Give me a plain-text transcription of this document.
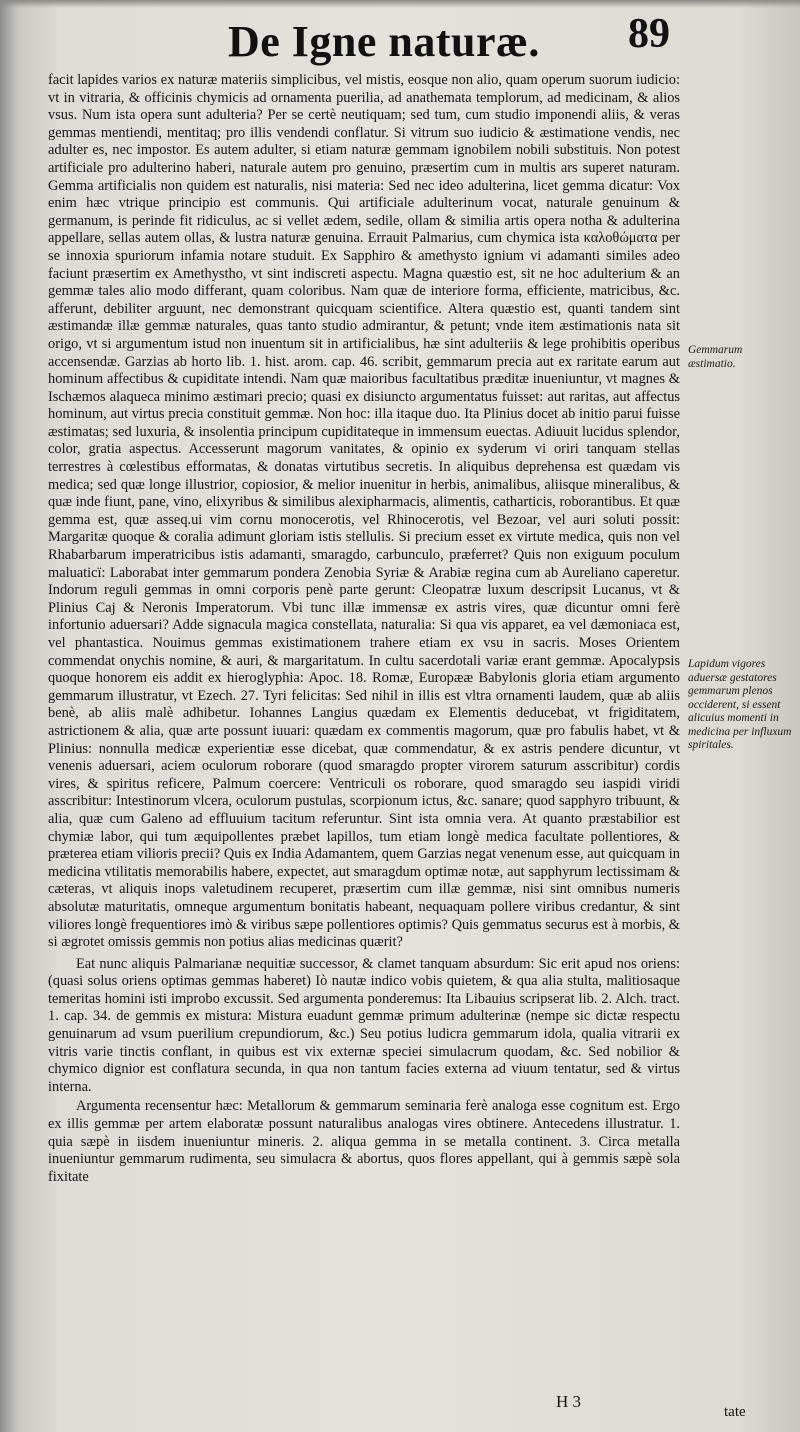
De Igne naturæ. 89

facit lapides varios ex naturæ materiis simplicibus, vel mistis, eosque non alio, quam operum suorum iudicio: vt in vitraria, & officinis chymicis ad ornamenta puerilia, ad anathemata templorum, ad medicinam, & alios vsus. Num ista opera sunt adulteria? Per se certè neutiquam; sed tum, cum studio imponendi aliis, & veras gemmas mentiendi, mentitaq; pro illis vendendi conflatur. Si vitrum suo iudicio & æstimatione vendis, nec adulter es, nec impostor. Es autem adulter, si etiam naturæ gemmam ignobilem nobili substituis. Non potest artificiale pro adulterino haberi, naturale autem pro genuino, præsertim cum in multis ars superet naturam. Gemma artificialis non quidem est naturalis, nisi materia: Sed nec ideo adulterina, licet gemma dicatur: Vox enim hæc vtrique principio est communis. Qui artificiale adulterinum vocat, naturale genuinum & germanum, is perinde fit ridiculus, ac si vellet ædem, sedile, ollam & similia artis opera notha & adulterina appellare, sellas autem ollas, & lustra naturæ genuina. Errauit Palmarius, cum chymica ista καλοθώματα per se innoxia spuriorum infamia notare studuit. Ex Sapphiro & amethysto ignium vi adamanti similes adeo faciunt præsertim ex Amethystho, vt sint indiscreti aspectu. Magna quæstio est, sit ne hoc adulterium & an gemmæ tales alio modo differant, quam coloribus. Nam quæ de interiore forma, efficiente, matricibus, &c. afferunt, debiliter arguunt, nec demonstrant quicquam scientifice. Altera quæstio est, quanti tandem sint æstimandæ illæ gemmæ naturales, quas tanto studio admirantur, & petunt; vnde item æstimationis nata sit origo, vt si argumentum istud non inuentum sit in artificialibus, hæ sint adulteriis & lege prohibitis operibus accensendæ. Garzias ab horto lib. 1. hist. arom. cap. 46. scribit, gemmarum precia aut ex raritate earum aut hominum affectibus & cupiditate intendi. Nam quæ maioribus facultatibus præditæ inueniuntur, vt magnes & Ischæmos alaqueca minimo æstimari precio; quasi ex disiuncto argumentatus fuisset: aut raritas, aut affectus hominum, aut virtus precia constituit gemmæ. Non hoc: illa itaque duo. Ita Plinius docet ab initio parui fuisse æstimatas; sed luxuria, & insolentia principum cupiditateque in immensum euectas. Adiuuit lucidus splendor, color, gratia aspectus. Accesserunt magorum vanitates, & opinio ex syderum vi oriri tanquam stellas terrestres à cœlestibus efformatas, & donatas virtutibus secretis. In aliquibus deprehensa est quædam vis medica; sed quæ longe illustrior, copiosior, & melior inuenitur in herbis, animalibus, aliisque mineralibus, & quæ inde fiunt, pane, vino, elixyribus & similibus alexipharmacis, alimentis, catharticis, roborantibus. Et quæ gemma est, quæ asseq.ui vim cornu monocerotis, vel Rhinocerotis, vel Bezoar, vel auri soluti possit: Margaritæ quoque & coralia adimunt gloriam istis stellulis. Si precium esset ex virtute medica, quis non vel Rhabarbarum imperatricibus istis adamanti, smaragdo, carbunculo, præferret? Quis non exiguum poculum maluaticï: Laborabat inter gemmarum pondera Zenobia Syriæ & Arabiæ regina cum ab Aureliano caperetur. Indorum reguli gemmas in omni corporis penè parte gerunt: Cleopatræ luxum descripsit Lucanus, vt & Plinius Caj & Neronis Imperatorum. Vbi tunc illæ immensæ ex astris vires, quæ dicuntur omni ferè infortunio aduersari? Adde signacula magica constellata, naturalia: Si qua vis apparet, ea vel dæmoniaca est, vel phantastica. Nouimus gemmas existimationem trahere etiam ex vsu in sacris. Moses Orientem commendat onychis nomine, & auri, & margaritatum. In cultu sacerdotali variæ erant gemmæ. Apocalypsis quoque honorem eis addit ex hieroglyphia: Apoc. 18. Romæ, Europææ Babylonis gloria etiam argumento gemmarum illustratur, vt Ezech. 27. Tyri felicitas: Sed nihil in illis est vltra ornamenti laudem, quæ ab aliis benè, ab aliis malè adhibetur. Iohannes Langius quædam ex Elementis deducebat, vt frigiditatem, astrictionem & alia, quæ arte possunt iuuari: quædam ex commentis magorum, quæ pro fabulis habet, vt & Plinius: nonnulla medicæ experientiæ esse dicebat, quæ commendatur, & ex astris pendere dicuntur, vt venenis aduersari, aciem oculorum roborare (quod smaragdo propter virorem saturum asscribitur) cordis vires, & spiritus reficere, Palmum coercere: Ventriculi os roborare, quod smaragdo seu iaspidi viridi asscribitur: Intestinorum vlcera, oculorum pustulas, scorpionum ictus, &c. sanare; quod sapphyro tribuunt, & alia, quæ cum Galeno ad effluuium tacitum referuntur. Sint ista omnia vera. At quanto præstabilior est chymiæ labor, qui tum æquipollentes præbet lapillos, tum etiam longè medica facultate pollentiores, & præterea etiam vilioris precii? Quis ex India Adamantem, quem Garzias negat venenum esse, aut quicquam in medicina vtilitatis memorabilis habere, expectet, aut smaragdum optimæ notæ, aut sapphyrum lectissimam & cæteras, vt aliquis inops valetudinem recuperet, præsertim cum illæ gemmæ, nisi sint omnibus numeris absolutæ maturitatis, omneque argumentum bonitatis habeant, nequaquam pollere viribus credantur, & sint viliores longè frequentiores imò & viribus sæpe pollentiores optimis? Quis gemmatus securus est à morbis, & si ægrotet omissis gemmis non potius alias medicinas quærit?

Eat nunc aliquis Palmarianæ nequitiæ successor, & clamet tanquam absurdum: Sic erit apud nos oriens: (quasi solus oriens optimas gemmas haberet) Iò nautæ indico vobis quietem, & qua alia stulta, malitiosaque temeritas homini isti improbo excussit. Sed argumenta ponderemus: Ita Libauius scripserat lib. 2. Alch. tract. 1. cap. 34. de gemmis ex mistura: Mistura euadunt gemmæ primum adulterinæ (nempe sic dictæ respectu genuinarum ad vsum puerilium crepundiorum, &c.) Seu potius ludicra gemmarum idola, qualia vitrarii ex vitris varie tinctis conflant, in quibus est vix externæ speciei simulacrum quodam, &c. Sed nobilior & chymico dignior est conflatura secunda, in qua non tantum facies externa ad viuum tentatur, sed & virtus interna.

Argumenta recensentur hæc: Metallorum & gemmarum seminaria ferè analoga esse cognitum est. Ergo ex illis gemmæ per artem elaboratæ possunt naturalibus analogas vires obtinere. Antecedens illustratur. 1. quia sæpè in iisdem inueniuntur mineris. 2. aliqua gemma in se metalla continent. 3. Circa metalla inueniuntur gemmarum rudimenta, seu simulacra & abortus, quos flores appellant, qui à gemmis sæpè sola fixitate

Gemmarum æstimatio.
Lapidum vigores aduersæ gestatores gemmarum plenos occiderent, si essent alicuius momenti in medicina per influxum spiritales.
H 3
tate
